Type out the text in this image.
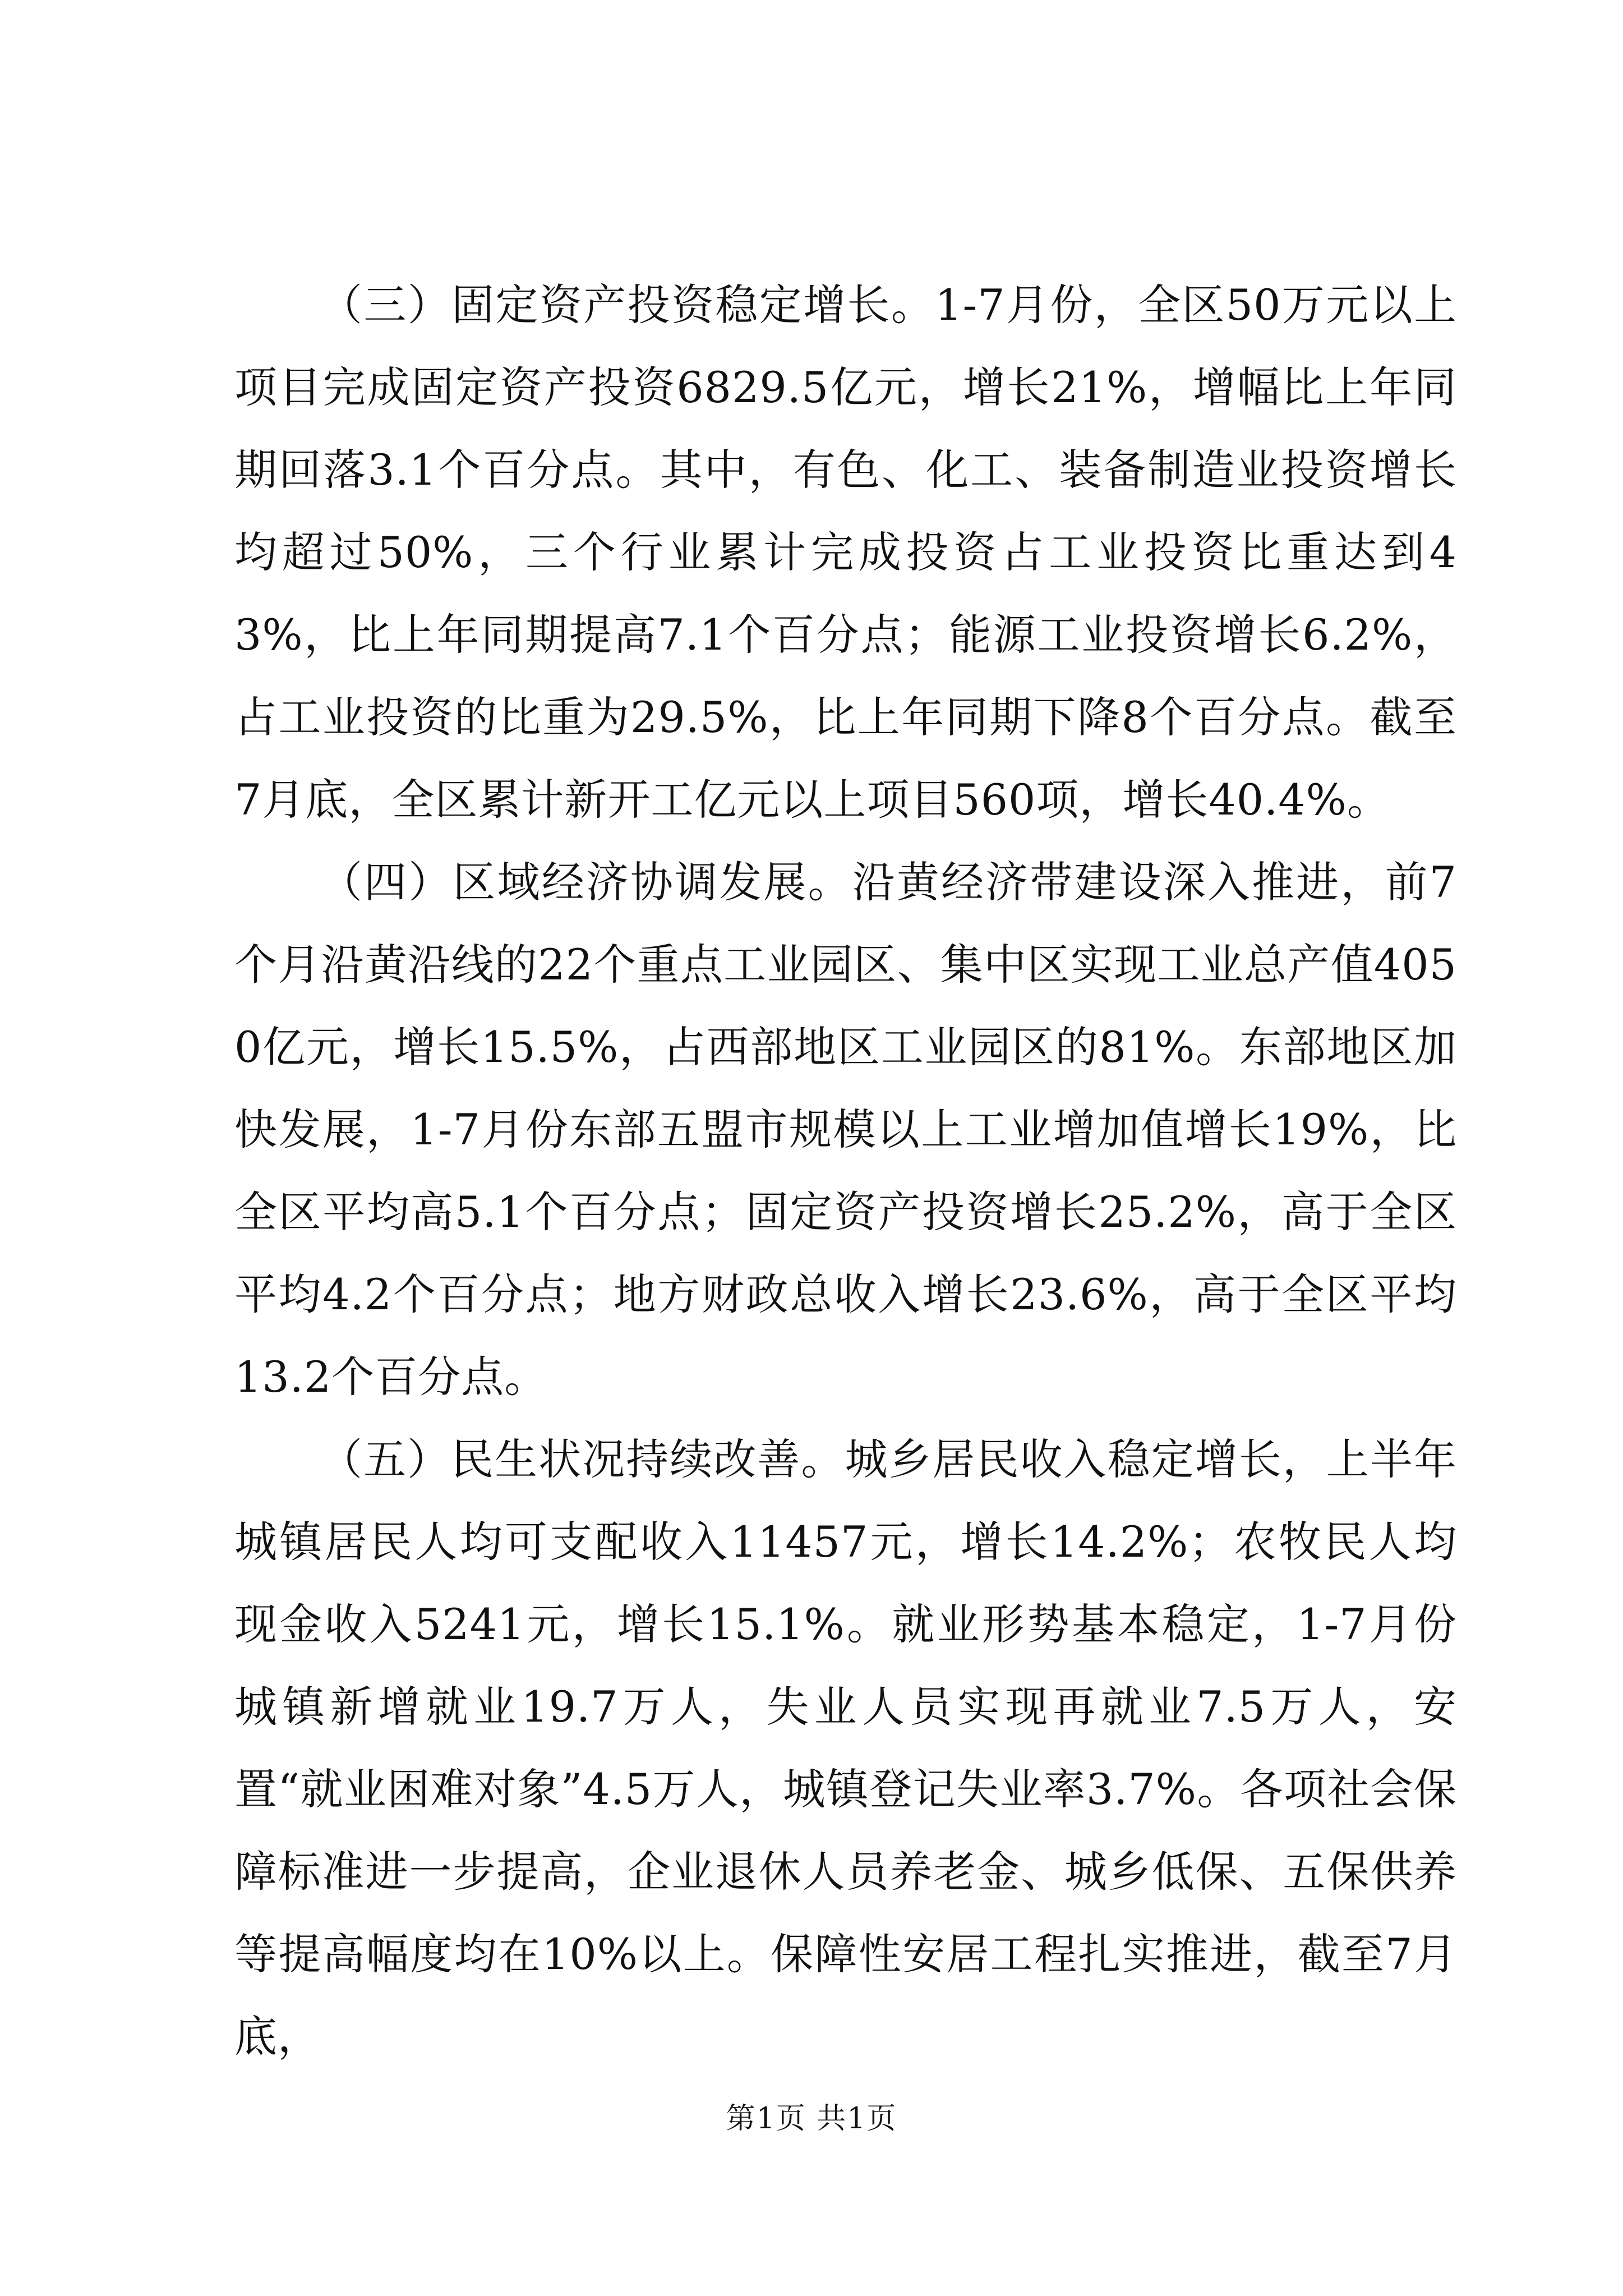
（三）固定资产投资稳定增长。1-7月份，全区50万元以上项目完成固定资产投资6829.5亿元，增长21%，增幅比上年同期回落3.1个百分点。其中，有色、化工、装备制造业投资增长均超过50%，三个行业累计完成投资占工业投资比重达到43%，比上年同期提高7.1个百分点；能源工业投资增长6.2%，占工业投资的比重为29.5%，比上年同期下降8个百分点。截至7月底，全区累计新开工亿元以上项目560项，增长40.4%。

（四）区域经济协调发展。沿黄经济带建设深入推进，前7个月沿黄沿线的22个重点工业园区、集中区实现工业总产值4050亿元，增长15.5%，占西部地区工业园区的81%。东部地区加快发展，1-7月份东部五盟市规模以上工业增加值增长19%，比全区平均高5.1个百分点；固定资产投资增长25.2%，高于全区平均4.2个百分点；地方财政总收入增长23.6%，高于全区平均13.2个百分点。

（五）民生状况持续改善。城乡居民收入稳定增长，上半年城镇居民人均可支配收入11457元，增长14.2%；农牧民人均现金收入5241元，增长15.1%。就业形势基本稳定，1-7月份城镇新增就业19.7万人，失业人员实现再就业7.5万人，安置“就业困难对象”4.5万人，城镇登记失业率3.7%。各项社会保障标准进一步提高，企业退休人员养老金、城乡低保、五保供养等提高幅度均在10%以上。保障性安居工程扎实推进，截至7月底，

第1页 共1页
